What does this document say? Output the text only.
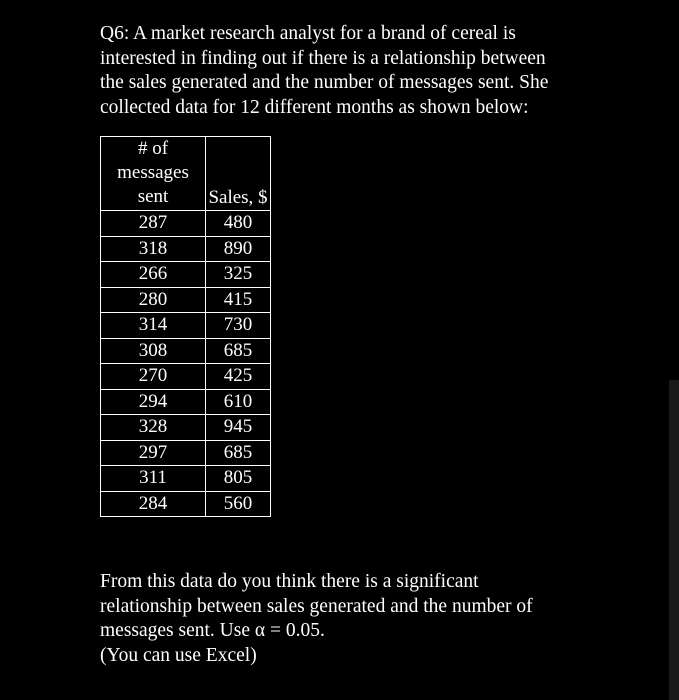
Q6: A market research analyst for a brand of cereal is
interested in finding out if there is a relationship between
the sales generated and the number of messages sent. She
collected data for 12 different months as shown below:
# of
messages
sent	Sales, $
287	480
318	890
266	325
280	415
314	730
308	685
270	425
294	610
328	945
297	685
311	805
284	560
From this data do you think there is a significant
relationship between sales generated and the number of
messages sent. Use α = 0.05.
(You can use Excel)
